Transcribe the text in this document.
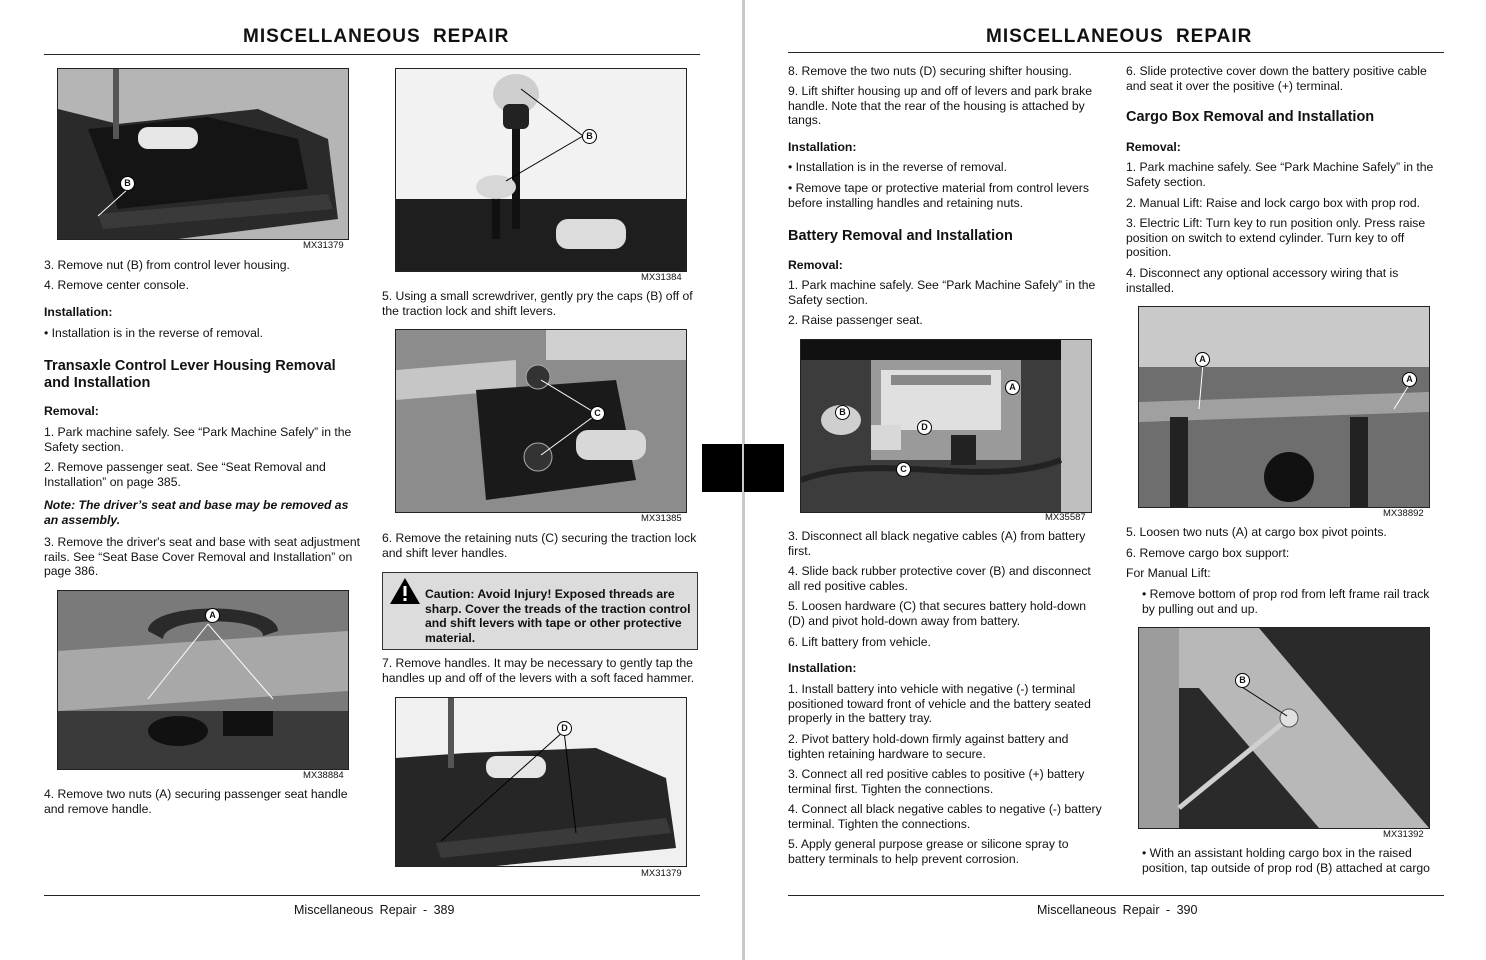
MISCELLANEOUS REPAIR
B
MX31379
3. Remove nut (B) from control lever housing.
4. Remove center console.
Installation:
• Installation is in the reverse of removal.
Transaxle Control Lever Housing Removal and Installation
Removal:
1. Park machine safely. See “Park Machine Safely” in the Safety section.
2. Remove passenger seat. See “Seat Removal and Installation” on page 385.
Note: The driver’s seat and base may be removed as an assembly.
3. Remove the driver's seat and base with seat adjustment rails. See “Seat Base Cover Removal and Installation” on page 386.
A
MX38884
4. Remove two nuts (A) securing passenger seat handle and remove handle.
B
MX31384
5. Using a small screwdriver, gently pry the caps (B) off of the traction lock and shift levers.
C
MX31385
6. Remove the retaining nuts (C) securing the traction lock and shift lever handles.
Caution: Avoid Injury! Exposed threads are sharp. Cover the treads of the traction control and shift levers with tape or other protective material.
7. Remove handles. It may be necessary to gently tap the handles up and off of the levers with a soft faced hammer.
D
MX31379
Miscellaneous Repair - 389
MISCELLANEOUS REPAIR
8. Remove the two nuts (D) securing shifter housing.
9. Lift shifter housing up and off of levers and park brake handle. Note that the rear of the housing is attached by tangs.
Installation:
• Installation is in the reverse of removal.
• Remove tape or protective material from control levers before installing handles and retaining nuts.
Battery Removal and Installation
Removal:
1. Park machine safely. See “Park Machine Safely” in the Safety section.
2. Raise passenger seat.
A
B
C
D
MX35587
3. Disconnect all black negative cables (A) from battery first.
4. Slide back rubber protective cover (B) and disconnect all red positive cables.
5. Loosen hardware (C) that secures battery hold-down (D) and pivot hold-down away from battery.
6. Lift battery from vehicle.
Installation:
1. Install battery into vehicle with negative (-) terminal positioned toward front of vehicle and the battery seated properly in the battery tray.
2. Pivot battery hold-down firmly against battery and tighten retaining hardware to secure.
3. Connect all red positive cables to positive (+) battery terminal first. Tighten the connections.
4. Connect all black negative cables to negative (-) battery terminal. Tighten the connections.
5. Apply general purpose grease or silicone spray to battery terminals to help prevent corrosion.
6. Slide protective cover down the battery positive cable and seat it over the positive (+) terminal.
Cargo Box Removal and Installation
Removal:
1. Park machine safely. See “Park Machine Safely” in the Safety section.
2. Manual Lift: Raise and lock cargo box with prop rod.
3. Electric Lift: Turn key to run position only. Press raise position on switch to extend cylinder. Turn key to off position.
4. Disconnect any optional accessory wiring that is installed.
A
A
MX38892
5. Loosen two nuts (A) at cargo box pivot points.
6. Remove cargo box support:
For Manual Lift:
• Remove bottom of prop rod from left frame rail track by pulling out and up.
B
MX31392
• With an assistant holding cargo box in the raised position, tap outside of prop rod (B) attached at cargo
Miscellaneous Repair - 390
